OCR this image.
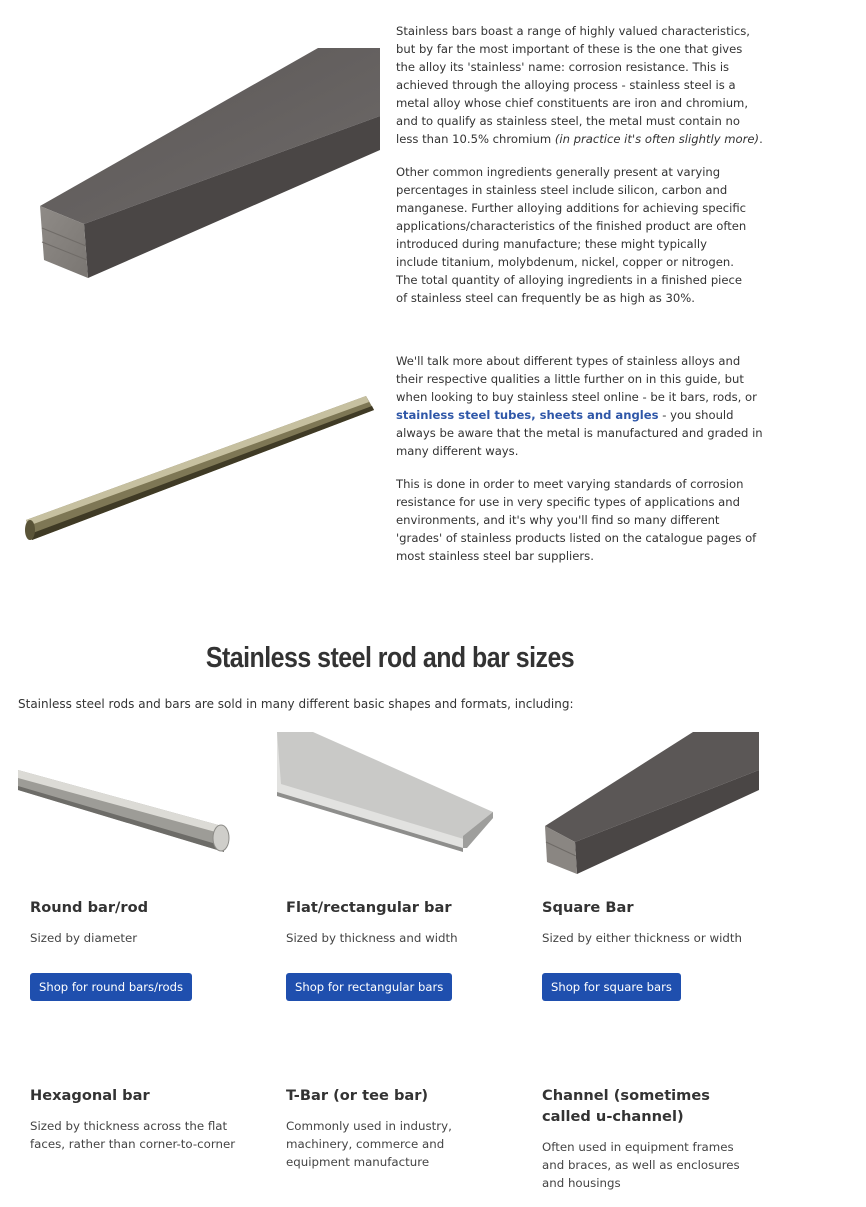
Stainless bars boast a range of highly valued characteristics, but by far the most important of these is the one that gives the alloy its 'stainless' name: corrosion resistance. This is achieved through the alloying process - stainless steel is a metal alloy whose chief constituents are iron and chromium, and to qualify as stainless steel, the metal must contain no less than 10.5% chromium (in practice it's often slightly more).

Other common ingredients generally present at varying percentages in stainless steel include silicon, carbon and manganese. Further alloying additions for achieving specific applications/characteristics of the finished product are often introduced during manufacture; these might typically include titanium, molybdenum, nickel, copper or nitrogen. The total quantity of alloying ingredients in a finished piece of stainless steel can frequently be as high as 30%.

We'll talk more about different types of stainless alloys and their respective qualities a little further on in this guide, but when looking to buy stainless steel online - be it bars, rods, or stainless steel tubes, sheets and angles - you should always be aware that the metal is manufactured and graded in many different ways.

This is done in order to meet varying standards of corrosion resistance for use in very specific types of applications and environments, and it's why you'll find so many different 'grades' of stainless products listed on the catalogue pages of most stainless steel bar suppliers.

Stainless steel rod and bar sizes

Stainless steel rods and bars are sold in many different basic shapes and formats, including:

Round bar/rod

Sized by diameter

Shop for round bars/rods
Flat/rectangular bar

Sized by thickness and width

Shop for rectangular bars
Square Bar

Sized by either thickness or width

Shop for square bars
Hexagonal bar

Sized by thickness across the flat faces, rather than corner-to-corner

T-Bar (or tee bar)

Commonly used in industry, machinery, commerce and equipment manufacture

Channel (sometimes called u-channel)

Often used in equipment frames and braces, as well as enclosures and housings
